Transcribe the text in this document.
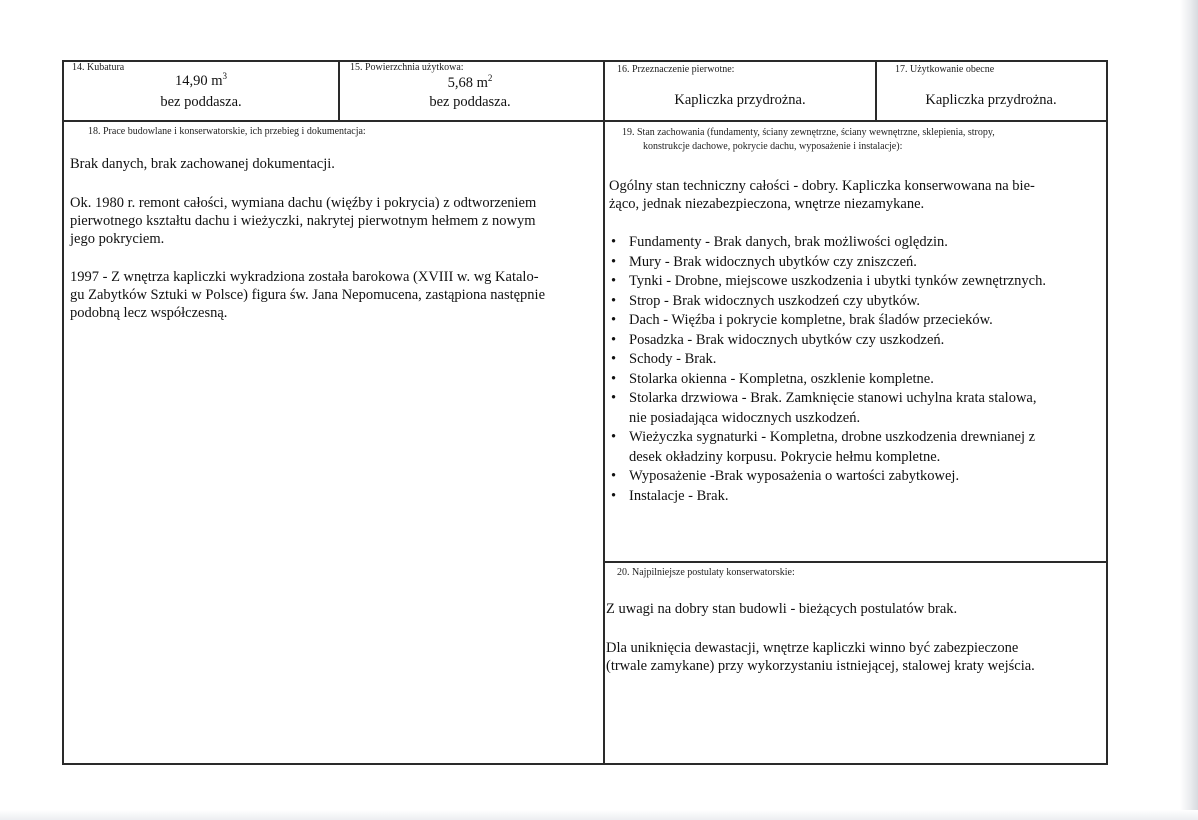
14. Kubatura
14,90 $m^3$
bez poddasza.
15. Powierzchnia użytkowa:
5,68 $m^2$
bez poddasza.
16. Przeznaczenie pierwotne:
Kapliczka przydrożna.
17. Użytkowanie obecne
Kapliczka przydrożna.
18. Prace budowlane i konserwatorskie, ich przebieg i dokumentacja:
Brak danych, brak zachowanej dokumentacji.
Ok. 1980 r. remont całości, wymiana dachu (więźby i pokrycia) z odtworzeniem
pierwotnego kształtu dachu i wieżyczki, nakrytej pierwotnym hełmem z nowym
jego pokryciem.
1997 - Z wnętrza kapliczki wykradziona została barokowa (XVIII w. wg Katalo-
gu Zabytków Sztuki w Polsce) figura św. Jana Nepomucena, zastąpiona następnie
podobną lecz współczesną.
19. Stan zachowania (fundamenty, ściany zewnętrzne, ściany wewnętrzne, sklepienia, stropy,
konstrukcje dachowe, pokrycie dachu, wyposażenie i instalacje):
Ogólny stan techniczny całości - dobry. Kapliczka konserwowana na bie-
żąco, jednak niezabezpieczona, wnętrze niezamykane.
• Fundamenty - Brak danych, brak możliwości oględzin.
• Mury - Brak widocznych ubytków czy zniszczeń.
• Tynki - Drobne, miejscowe uszkodzenia i ubytki tynków zewnętrznych.
• Strop - Brak widocznych uszkodzeń czy ubytków.
• Dach - Więźba i pokrycie kompletne, brak śladów przecieków.
• Posadzka - Brak widocznych ubytków czy uszkodzeń.
• Schody - Brak.
• Stolarka okienna - Kompletna, oszklenie kompletne.
• Stolarka drzwiowa - Brak. Zamknięcie stanowi uchylna krata stalowa,
nie posiadająca widocznych uszkodzeń.
• Wieżyczka sygnaturki - Kompletna, drobne uszkodzenia drewnianej z
desek okładziny korpusu. Pokrycie hełmu kompletne.
• Wyposażenie -Brak wyposażenia o wartości zabytkowej.
• Instalacje - Brak.
20. Najpilniejsze postulaty konserwatorskie:
Z uwagi na dobry stan budowli - bieżących postulatów brak.
Dla uniknięcia dewastacji, wnętrze kapliczki winno być zabezpieczone
(trwale zamykane) przy wykorzystaniu istniejącej, stalowej kraty wejścia.
